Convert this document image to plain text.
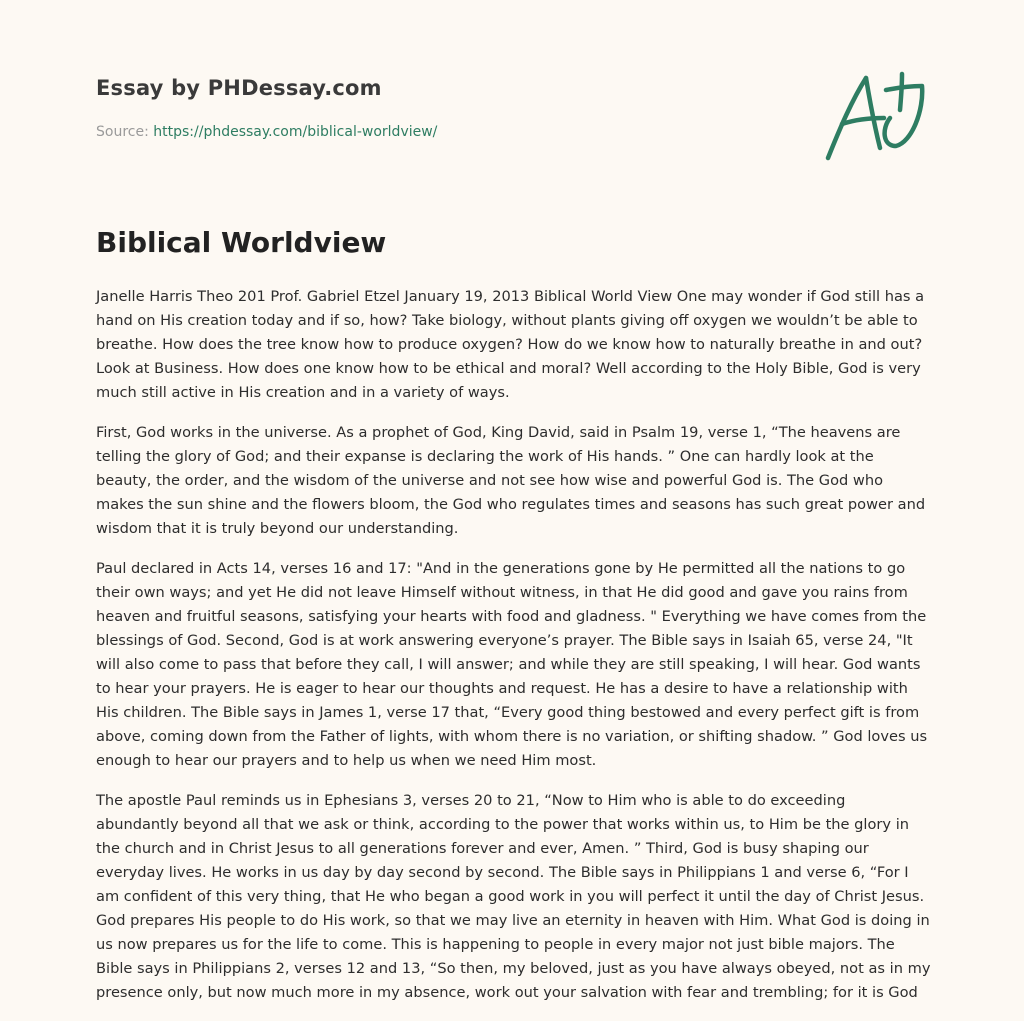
Essay by PHDessay.com
Source: https://phdessay.com/biblical-worldview/
Biblical Worldview

Janelle Harris Theo 201 Prof. Gabriel Etzel January 19, 2013 Biblical World View One may wonder if God still has a hand on His creation today and if so, how? Take biology, without plants giving off oxygen we wouldn’t be able to breathe. How does the tree know how to produce oxygen? How do we know how to naturally breathe in and out? Look at Business. How does one know how to be ethical and moral? Well according to the Holy Bible, God is very much still active in His creation and in a variety of ways.

First, God works in the universe. As a prophet of God, King David, said in Psalm 19, verse 1, “The heavens are telling the glory of God; and their expanse is declaring the work of His hands. ” One can hardly look at the beauty, the order, and the wisdom of the universe and not see how wise and powerful God is. The God who makes the sun shine and the flowers bloom, the God who regulates times and seasons has such great power and wisdom that it is truly beyond our understanding.

Paul declared in Acts 14, verses 16 and 17: "And in the generations gone by He permitted all the nations to go their own ways; and yet He did not leave Himself without witness, in that He did good and gave you rains from heaven and fruitful seasons, satisfying your hearts with food and gladness. " Everything we have comes from the blessings of God. Second, God is at work answering everyone’s prayer. The Bible says in Isaiah 65, verse 24, "It will also come to pass that before they call, I will answer; and while they are still speaking, I will hear. God wants to hear your prayers. He is eager to hear our thoughts and request. He has a desire to have a relationship with His children. The Bible says in James 1, verse 17 that, “Every good thing bestowed and every perfect gift is from above, coming down from the Father of lights, with whom there is no variation, or shifting shadow. ” God loves us enough to hear our prayers and to help us when we need Him most.

The apostle Paul reminds us in Ephesians 3, verses 20 to 21, “Now to Him who is able to do exceeding abundantly beyond all that we ask or think, according to the power that works within us, to Him be the glory in the church and in Christ Jesus to all generations forever and ever, Amen. ” Third, God is busy shaping our everyday lives. He works in us day by day second by second. The Bible says in Philippians 1 and verse 6, “For I am confident of this very thing, that He who began a good work in you will perfect it until the day of Christ Jesus. God prepares His people to do His work, so that we may live an eternity in heaven with Him. What God is doing in us now prepares us for the life to come. This is happening to people in every major not just bible majors. The Bible says in Philippians 2, verses 12 and 13, “So then, my beloved, just as you have always obeyed, not as in my presence only, but now much more in my absence, work out your salvation with fear and trembling; for it is God
